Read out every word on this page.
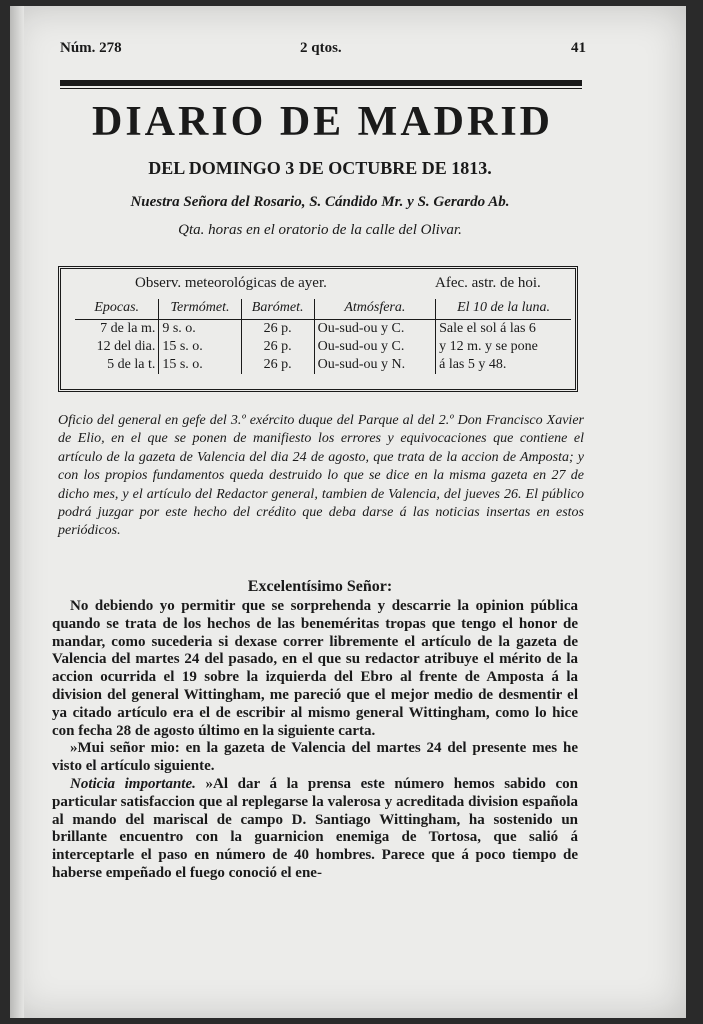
Núm. 278	2 qtos.	41
DIARIO DE MADRID
DEL DOMINGO 3 DE OCTUBRE DE 1813.
Nuestra Señora del Rosario, S. Cándido Mr. y S. Gerardo Ab.
Qta. horas en el oratorio de la calle del Olivar.
Observ. meteorológicas de ayer.	Afec. astr. de hoi.
Epocas.	Termómet.	Barómet.	Atmósfera.	El 10 de la luna.
7 de la m.	9 s. o.	26 p.	Ou-sud-ou y C.	Sale el sol á las 6
12 del dia.	15 s. o.	26 p.	Ou-sud-ou y C.	y 12 m. y se pone
5 de la t.	15 s. o.	26 p.	Ou-sud-ou y N.	á las 5 y 48.

Oficio del general en gefe del 3.º exército duque del Parque al del 2.º Don Francisco Xavier de Elio, en el que se ponen de manifiesto los errores y equivocaciones que contiene el artículo de la gazeta de Valencia del dia 24 de agosto, que trata de la accion de Amposta; y con los propios fundamentos queda destruido lo que se dice en la misma gazeta en 27 de dicho mes, y el artículo del Redactor general, tambien de Valencia, del jueves 26. El público podrá juzgar por este hecho del crédito que deba darse á las noticias insertas en estos periódicos.

Excelentísimo Señor:

No debiendo yo permitir que se sorprehenda y descarrie la opinion pública quando se trata de los hechos de las beneméritas tropas que tengo el honor de mandar, como sucederia si dexase correr libremente el artículo de la gazeta de Valencia del martes 24 del pasado, en el que su redactor atribuye el mérito de la accion ocurrida el 19 sobre la izquierda del Ebro al frente de Amposta á la division del general Wittingham, me pareció que el mejor medio de desmentir el ya citado artículo era el de escribir al mismo general Wittingham, como lo hice con fecha 28 de agosto último en la siguiente carta.

»Mui señor mio: en la gazeta de Valencia del martes 24 del presente mes he visto el artículo siguiente.

Noticia importante. »Al dar á la prensa este número hemos sabido con particular satisfaccion que al replegarse la valerosa y acreditada division española al mando del mariscal de campo D. Santiago Wittingham, ha sostenido un brillante encuentro con la guarnicion enemiga de Tortosa, que salió á interceptarle el paso en número de 40 hombres. Parece que á poco tiempo de haberse empeñado el fuego conoció el ene-
